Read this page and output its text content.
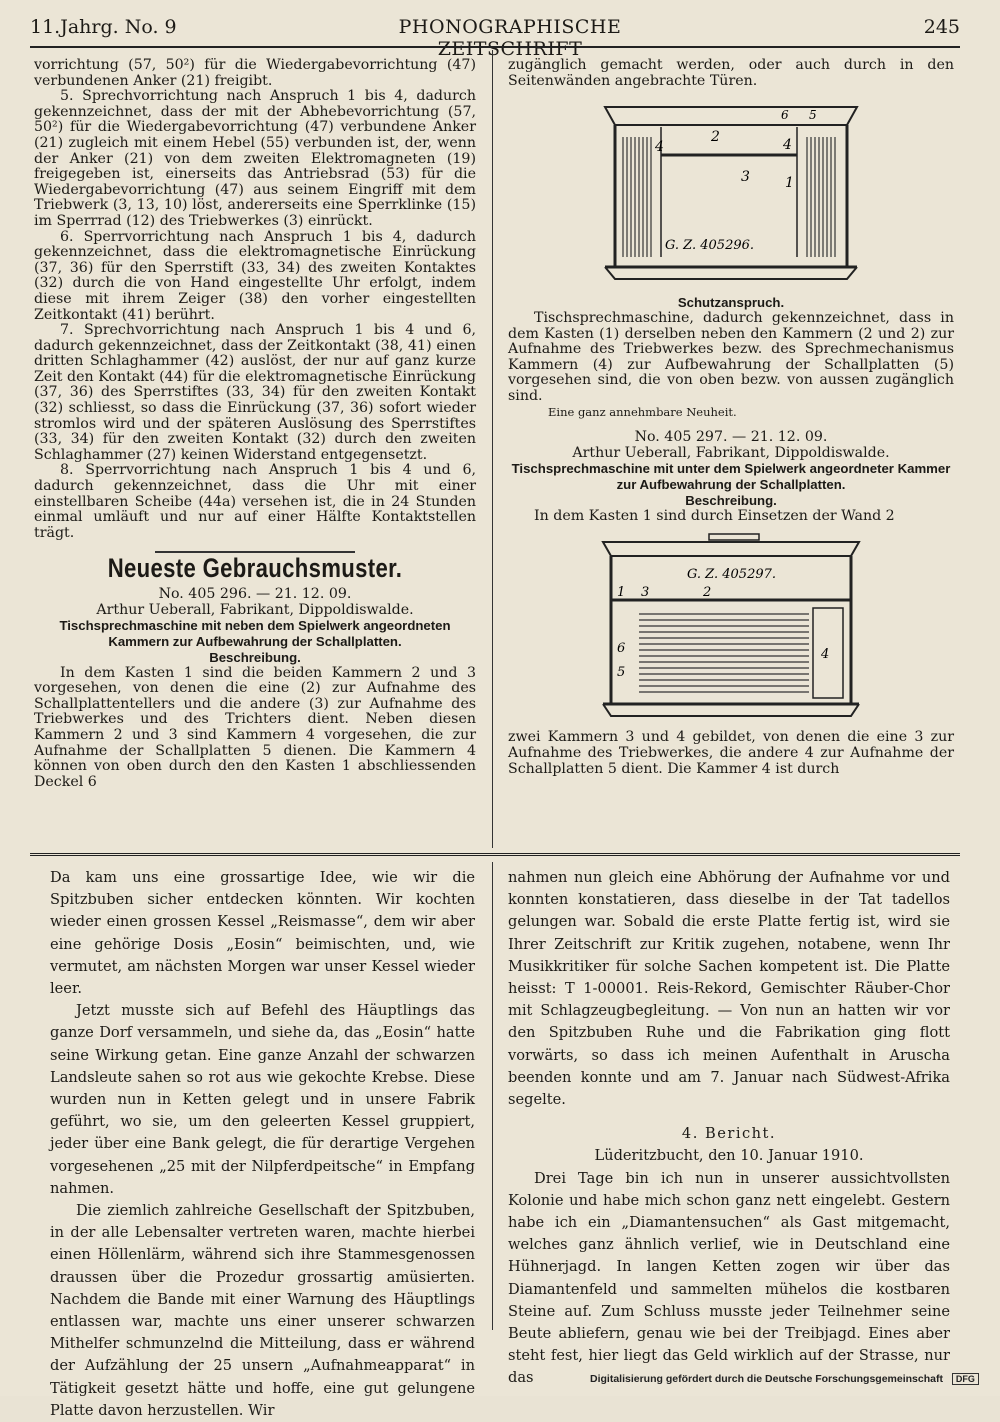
11.Jahrg. No. 9	PHONOGRAPHISCHE ZEITSCHRIFT
245

vorrichtung (57, 50²) für die Wiedergabevorrichtung (47) verbundenen Anker (21) freigibt.

5. Sprechvorrichtung nach Anspruch 1 bis 4, dadurch gekennzeichnet, dass der mit der Abhebevorrichtung (57, 50²) für die Wiedergabevorrichtung (47) verbundene Anker (21) zugleich mit einem Hebel (55) verbunden ist, der, wenn der Anker (21) von dem zweiten Elektromagneten (19) freigegeben ist, einerseits das Antriebsrad (53) für die Wiedergabevorrichtung (47) aus seinem Eingriff mit dem Triebwerk (3, 13, 10) löst, andererseits eine Sperrklinke (15) im Sperrrad (12) des Triebwerkes (3) einrückt.

6. Sperrvorrichtung nach Anspruch 1 bis 4, dadurch gekennzeichnet, dass die elektromagnetische Einrückung (37, 36) für den Sperrstift (33, 34) des zweiten Kontaktes (32) durch die von Hand eingestellte Uhr erfolgt, indem diese mit ihrem Zeiger (38) den vorher eingestellten Zeitkontakt (41) berührt.

7. Sprechvorrichtung nach Anspruch 1 bis 4 und 6, dadurch gekennzeichnet, dass der Zeitkontakt (38, 41) einen dritten Schlaghammer (42) auslöst, der nur auf ganz kurze Zeit den Kontakt (44) für die elektromagnetische Einrückung (37, 36) des Sperrstiftes (33, 34) für den zweiten Kontakt (32) schliesst, so dass die Einrückung (37, 36) sofort wieder stromlos wird und der späteren Auslösung des Sperrstiftes (33, 34) für den zweiten Kontakt (32) durch den zweiten Schlaghammer (27) keinen Widerstand entgegensetzt.

8. Sperrvorrichtung nach Anspruch 1 bis 4 und 6, dadurch gekennzeichnet, dass die Uhr mit einer einstellbaren Scheibe (44a) versehen ist, die in 24 Stunden einmal umläuft und nur auf einer Hälfte Kontaktstellen trägt.

Neueste Gebrauchsmuster.

No. 405 296. — 21. 12. 09.

Arthur Ueberall, Fabrikant, Dippoldiswalde.

Tischsprechmaschine mit neben dem Spielwerk angeordneten Kammern zur Aufbewahrung der Schallplatten.

Beschreibung.

In dem Kasten 1 sind die beiden Kammern 2 und 3 vorgesehen, von denen die eine (2) zur Aufnahme des Schallplattentellers und die andere (3) zur Aufnahme des Triebwerkes und des Trichters dient. Neben diesen Kammern 2 und 3 sind Kammern 4 vorgesehen, die zur Aufnahme der Schallplatten 5 dienen. Die Kammern 4 können von oben durch den den Kasten 1 abschliessenden Deckel 6

zugänglich gemacht werden, oder auch durch in den Seitenwänden angebrachte Türen.

4
2	4
3	1
6 5
G. Z. 405296.

Schutzanspruch.

Tischsprechmaschine, dadurch gekennzeichnet, dass in dem Kasten (1) derselben neben den Kammern (2 und 2) zur Aufnahme des Triebwerkes bezw. des Sprechmechanismus Kammern (4) zur Aufbewahrung der Schallplatten (5) vorgesehen sind, die von oben bezw. von aussen zugänglich sind.

Eine ganz annehmbare Neuheit.

No. 405 297. — 21. 12. 09.

Arthur Ueberall, Fabrikant, Dippoldiswalde.

Tischsprechmaschine mit unter dem Spielwerk angeordneter Kammer zur Aufbewahrung der Schallplatten.

Beschreibung.

In dem Kasten 1 sind durch Einsetzen der Wand 2

G. Z. 405297.
1 3	2
6
5
4

zwei Kammern 3 und 4 gebildet, von denen die eine 3 zur Aufnahme des Triebwerkes, die andere 4 zur Aufnahme der Schallplatten 5 dient. Die Kammer 4 ist durch

Da kam uns eine grossartige Idee, wie wir die Spitzbuben sicher entdecken könnten. Wir kochten wieder einen grossen Kessel „Reismasse“, dem wir aber eine gehörige Dosis „Eosin“ beimischten, und, wie vermutet, am nächsten Morgen war unser Kessel wieder leer.

Jetzt musste sich auf Befehl des Häuptlings das ganze Dorf versammeln, und siehe da, das „Eosin“ hatte seine Wirkung getan. Eine ganze Anzahl der schwarzen Landsleute sahen so rot aus wie gekochte Krebse. Diese wurden nun in Ketten gelegt und in unsere Fabrik geführt, wo sie, um den geleerten Kessel gruppiert, jeder über eine Bank gelegt, die für derartige Vergehen vorgesehenen „25 mit der Nilpferdpeitsche“ in Empfang nahmen.

Die ziemlich zahlreiche Gesellschaft der Spitzbuben, in der alle Lebensalter vertreten waren, machte hierbei einen Höllenlärm, während sich ihre Stammesgenossen draussen über die Prozedur grossartig amüsierten. Nachdem die Bande mit einer Warnung des Häuptlings entlassen war, machte uns einer unserer schwarzen Mithelfer schmunzelnd die Mitteilung, dass er während der Aufzählung der 25 unsern „Aufnahmeapparat“ in Tätigkeit gesetzt hätte und hoffe, eine gut gelungene Platte davon herzustellen. Wir

nahmen nun gleich eine Abhörung der Aufnahme vor und konnten konstatieren, dass dieselbe in der Tat tadellos gelungen war. Sobald die erste Platte fertig ist, wird sie Ihrer Zeitschrift zur Kritik zugehen, notabene, wenn Ihr Musikkritiker für solche Sachen kompetent ist. Die Platte heisst: T 1-00001. Reis-Rekord, Gemischter Räuber-Chor mit Schlagzeugbegleitung. — Von nun an hatten wir vor den Spitzbuben Ruhe und die Fabrikation ging flott vorwärts, so dass ich meinen Aufenthalt in Aruscha beenden konnte und am 7. Januar nach Südwest-Afrika segelte.

4. Bericht.

Lüderitzbucht, den 10. Januar 1910.

Drei Tage bin ich nun in unserer aussichtvollsten Kolonie und habe mich schon ganz nett eingelebt. Gestern habe ich ein „Diamantensuchen“ als Gast mitgemacht, welches ganz ähnlich verlief, wie in Deutschland eine Hühnerjagd. In langen Ketten zogen wir über das Diamantenfeld und sammelten mühelos die kostbaren Steine auf. Zum Schluss musste jeder Teilnehmer seine Beute abliefern, genau wie bei der Treibjagd. Eines aber steht fest, hier liegt das Geld wirklich auf der Strasse, nur das	Digitalisierung gefördert durch die Deutsche Forschungsgemeinschaft DFG
